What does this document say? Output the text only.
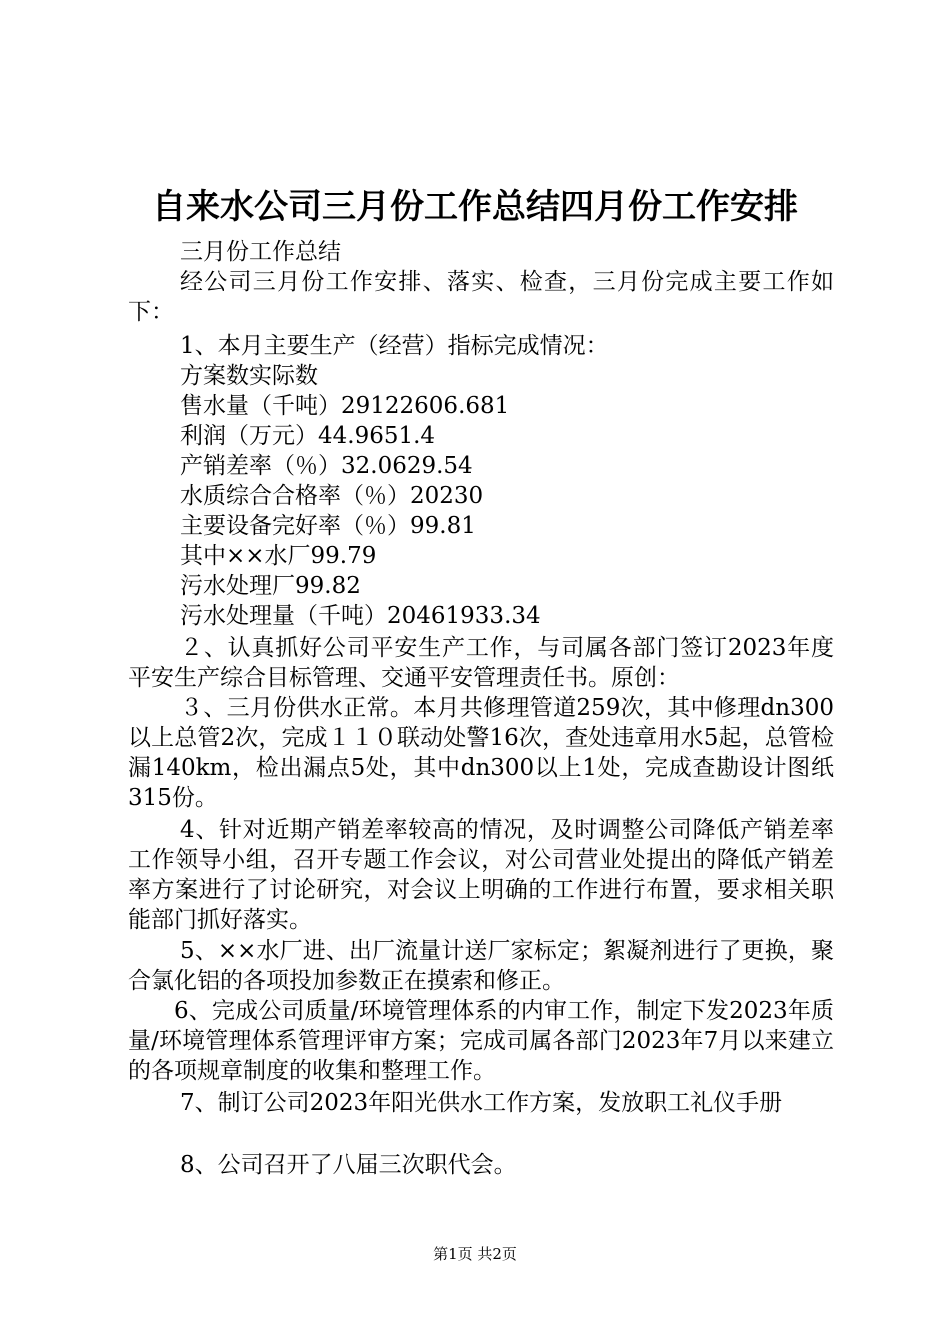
自来水公司三月份工作总结四月份工作安排
三月份工作总结
经公司三月份工作安排、落实、检查，三月份完成主要工作如下：
1、本月主要生产（经营）指标完成情况：
方案数实际数
售水量（千吨）29122606.681
利润（万元）44.9651.4
产销差率（％）32.0629.54
水质综合合格率（％）20230
主要设备完好率（％）99.81
其中××水厂99.79
污水处理厂99.82
污水处理量（千吨）20461933.34
２、认真抓好公司平安生产工作，与司属各部门签订2023年度平安生产综合目标管理、交通平安管理责任书。原创：
３、三月份供水正常。本月共修理管道259次，其中修理dn300以上总管2次，完成１１０联动处警16次，查处违章用水5起，总管检漏140km，检出漏点5处，其中dn300以上1处，完成查勘设计图纸315份。
4、针对近期产销差率较高的情况，及时调整公司降低产销差率工作领导小组，召开专题工作会议，对公司营业处提出的降低产销差率方案进行了讨论研究，对会议上明确的工作进行布置，要求相关职能部门抓好落实。
5、××水厂进、出厂流量计送厂家标定；絮凝剂进行了更换，聚合氯化铝的各项投加参数正在摸索和修正。
6、完成公司质量/环境管理体系的内审工作，制定下发2023年质量/环境管理体系管理评审方案；完成司属各部门2023年7月以来建立的各项规章制度的收集和整理工作。
7、制订公司2023年阳光供水工作方案，发放职工礼仪手册
8、公司召开了八届三次职代会。
第1页 共2页
